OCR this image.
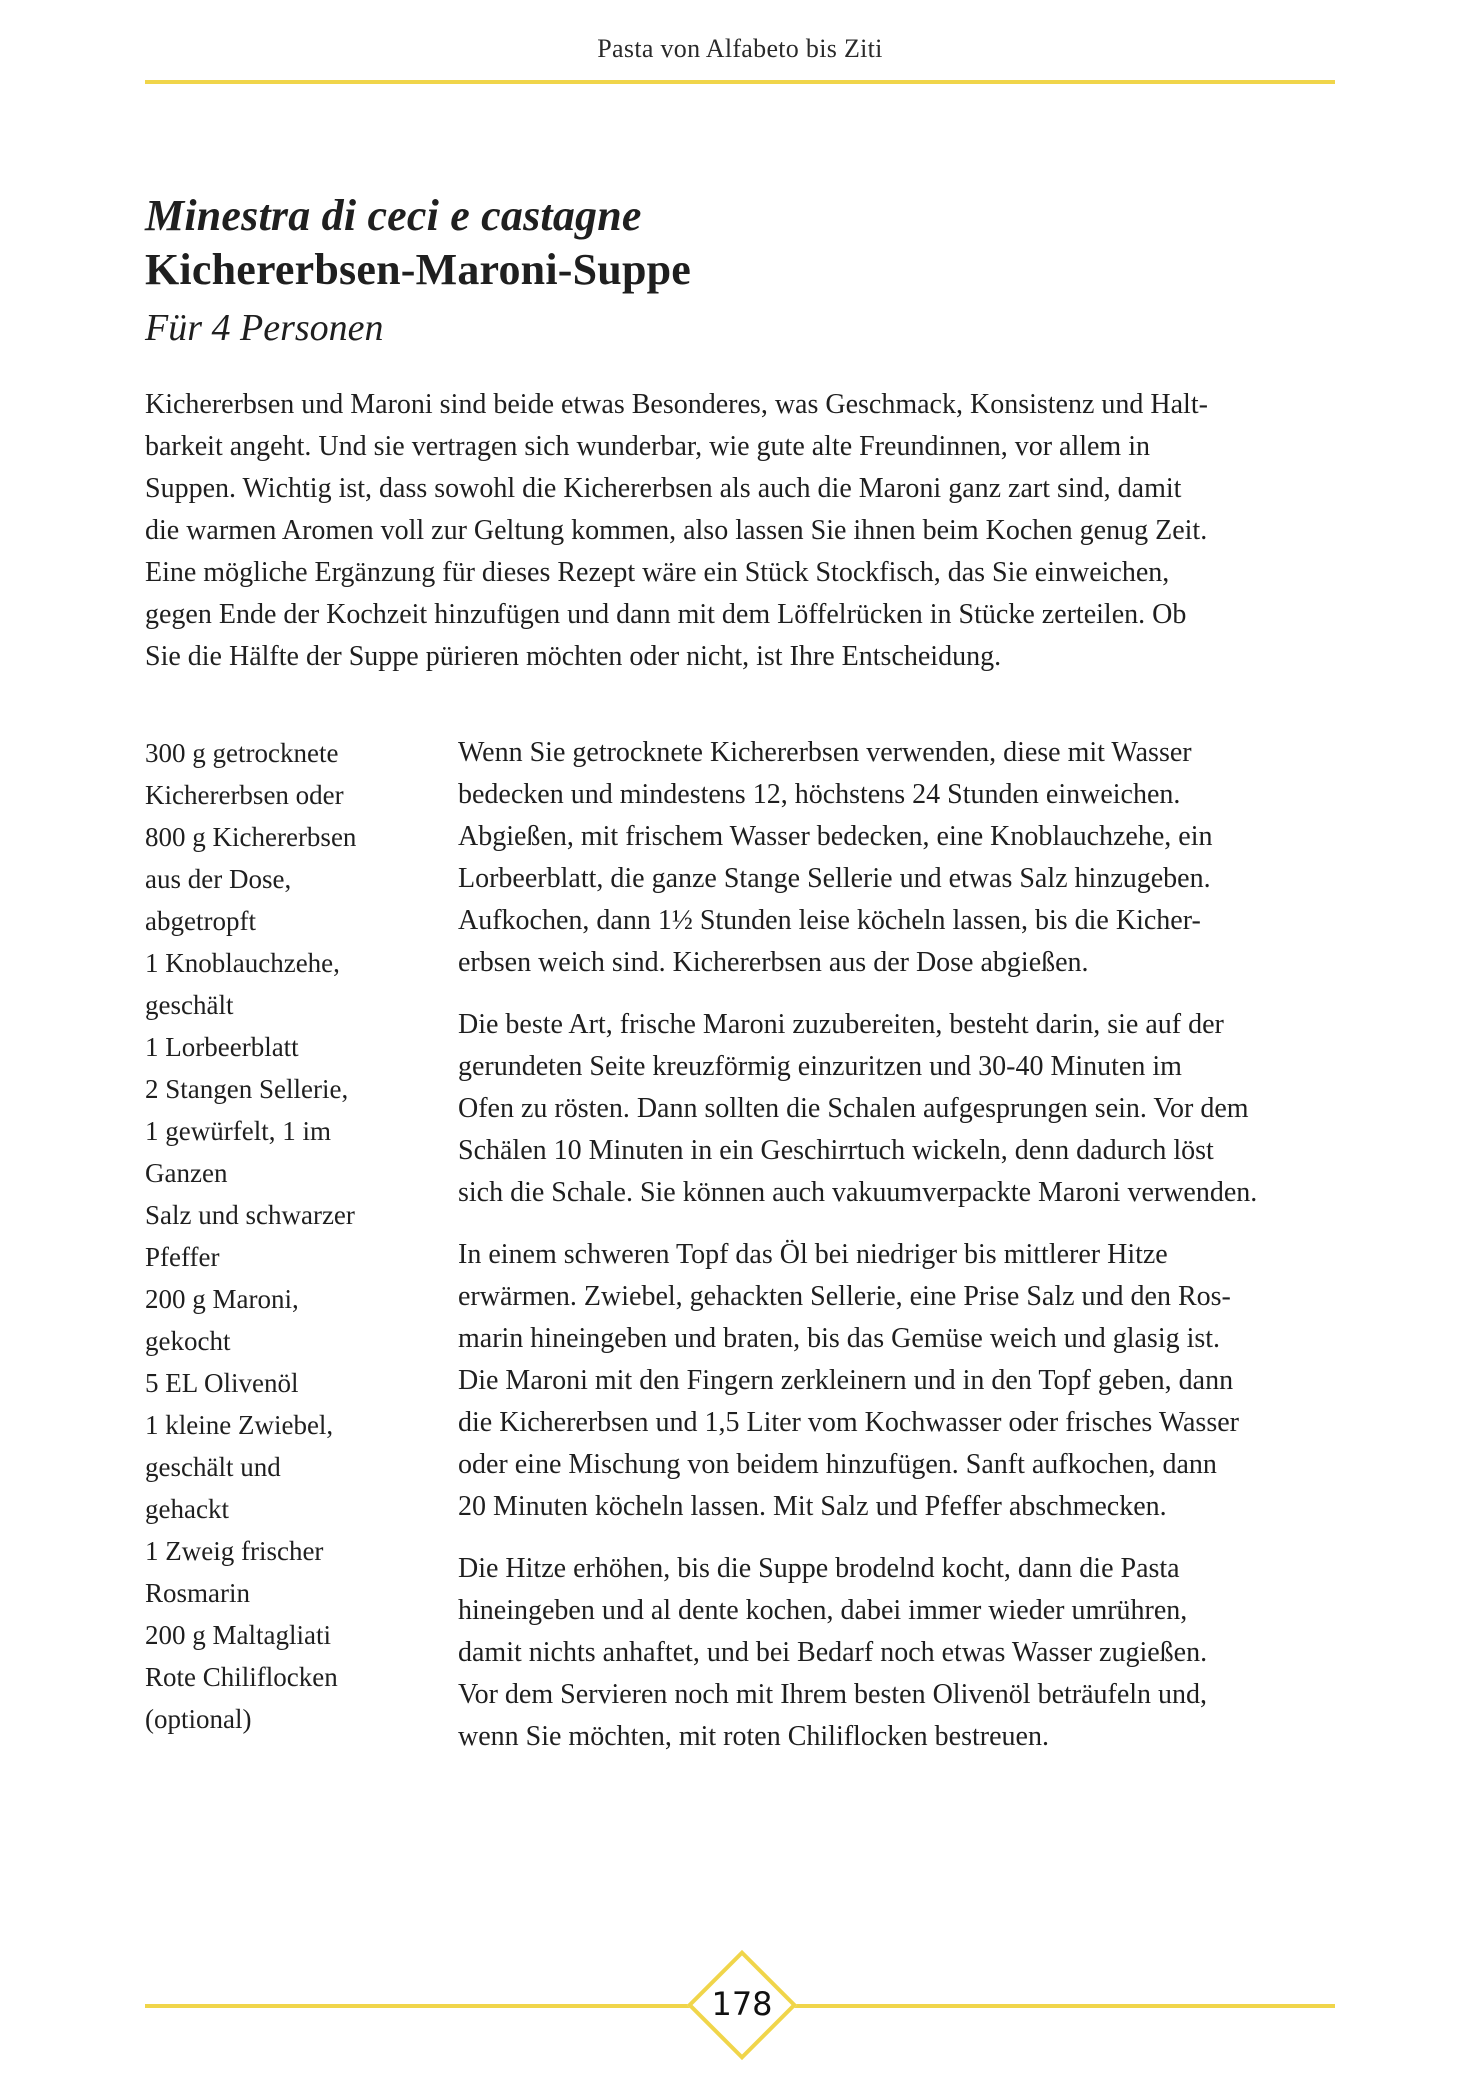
Pasta von Alfabeto bis Ziti
Minestra di ceci e castagne
Kichererbsen-Maroni-Suppe
Für 4 Personen
Kichererbsen und Maroni sind beide etwas Besonderes, was Geschmack, Konsistenz und Halt-
barkeit angeht. Und sie vertragen sich wunderbar, wie gute alte Freundinnen, vor allem in
Suppen. Wichtig ist, dass sowohl die Kichererbsen als auch die Maroni ganz zart sind, damit
die warmen Aromen voll zur Geltung kommen, also lassen Sie ihnen beim Kochen genug Zeit.
Eine mögliche Ergänzung für dieses Rezept wäre ein Stück Stockfisch, das Sie einweichen,
gegen Ende der Kochzeit hinzufügen und dann mit dem Löffelrücken in Stücke zerteilen. Ob
Sie die Hälfte der Suppe pürieren möchten oder nicht, ist Ihre Entscheidung.
300 g getrocknete
Kichererbsen oder
800 g Kichererbsen
aus der Dose,
abgetropft
1 Knoblauchzehe,
geschält
1 Lorbeerblatt
2 Stangen Sellerie,
1 gewürfelt, 1 im
Ganzen
Salz und schwarzer
Pfeffer
200 g Maroni,
gekocht
5 EL Olivenöl
1 kleine Zwiebel,
geschält und
gehackt
1 Zweig frischer
Rosmarin
200 g Maltagliati
Rote Chiliflocken
(optional)

Wenn Sie getrocknete Kichererbsen verwenden, diese mit Wasser
bedecken und mindestens 12, höchstens 24 Stunden einweichen.
Abgießen, mit frischem Wasser bedecken, eine Knoblauchzehe, ein
Lorbeerblatt, die ganze Stange Sellerie und etwas Salz hinzugeben.
Aufkochen, dann 1½ Stunden leise köcheln lassen, bis die Kicher-
erbsen weich sind. Kichererbsen aus der Dose abgießen.

Die beste Art, frische Maroni zuzubereiten, besteht darin, sie auf der
gerundeten Seite kreuzförmig einzuritzen und 30-40 Minuten im
Ofen zu rösten. Dann sollten die Schalen aufgesprungen sein. Vor dem
Schälen 10 Minuten in ein Geschirrtuch wickeln, denn dadurch löst
sich die Schale. Sie können auch vakuumverpackte Maroni verwenden.

In einem schweren Topf das Öl bei niedriger bis mittlerer Hitze
erwärmen. Zwiebel, gehackten Sellerie, eine Prise Salz und den Ros-
marin hineingeben und braten, bis das Gemüse weich und glasig ist.
Die Maroni mit den Fingern zerkleinern und in den Topf geben, dann
die Kichererbsen und 1,5 Liter vom Kochwasser oder frisches Wasser
oder eine Mischung von beidem hinzufügen. Sanft aufkochen, dann
20 Minuten köcheln lassen. Mit Salz und Pfeffer abschmecken.

Die Hitze erhöhen, bis die Suppe brodelnd kocht, dann die Pasta
hineingeben und al dente kochen, dabei immer wieder umrühren,
damit nichts anhaftet, und bei Bedarf noch etwas Wasser zugießen.
Vor dem Servieren noch mit Ihrem besten Olivenöl beträufeln und,
wenn Sie möchten, mit roten Chiliflocken bestreuen.

178
